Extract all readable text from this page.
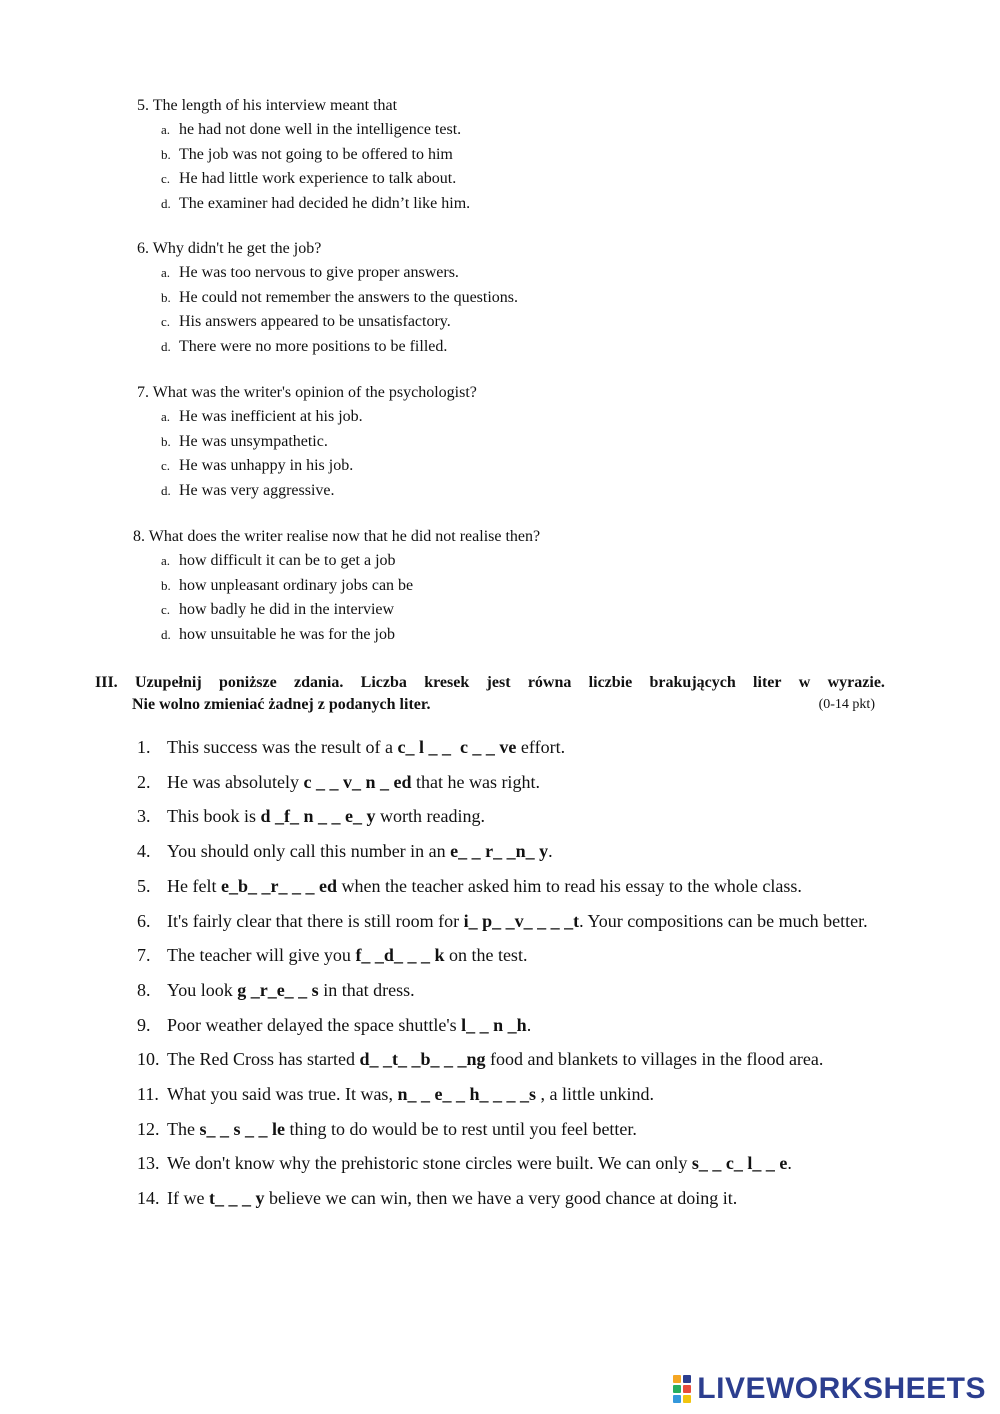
5. The length of his interview meant that
a. he had not done well in the intelligence test.
b. The job was not going to be offered to him
c. He had little work experience to talk about.
d. The examiner had decided he didn’t like him.
6. Why didn't he get the job?
a. He was too nervous to give proper answers.
b. He could not remember the answers to the questions.
c. His answers appeared to be unsatisfactory.
d. There were no more positions to be filled.
7. What was the writer's opinion of the psychologist?
a. He was inefficient at his job.
b. He was unsympathetic.
c. He was unhappy in his job.
d. He was very aggressive.
8. What does the writer realise now that he did not realise then?
a. how difficult it can be to get a job
b. how unpleasant ordinary jobs can be
c. how badly he did in the interview
d. how unsuitable he was for the job
III. Uzupełnij poniższe zdania. Liczba kresek jest równa liczbie brakujących liter w wyrazie.
Nie wolno zmieniać żadnej z podanych liter.	(0-14 pkt)
1. This success was the result of a c_ l _ _  c _ _ ve effort.
2. He was absolutely c _ _ v_ n _ ed that he was right.
3. This book is d _f_ n _ _ e_ y worth reading.
4. You should only call this number in an e_ _ r_ _n_ y.
5. He felt e_b_ _r_ _ _ ed when the teacher asked him to read his essay to the whole class.
6. It's fairly clear that there is still room for i_ p_ _v_ _ _ _t. Your compositions can be much better.
7. The teacher will give you f_ _d_ _ _ k on the test.
8. You look g _r_e_ _ s in that dress.
9. Poor weather delayed the space shuttle's l_ _ n _h.
10. The Red Cross has started d_ _t_ _b_ _ _ng food and blankets to villages in the flood area.
11. What you said was true. It was, n_ _ e_ _ h_ _ _ _s , a little unkind.
12. The s_ _ s _ _ le thing to do would be to rest until you feel better.
13. We don't know why the prehistoric stone circles were built. We can only s_ _ c_ l_ _ e.
14. If we t_ _ _ y believe we can win, then we have a very good chance at doing it.
LIVEWORKSHEETS
